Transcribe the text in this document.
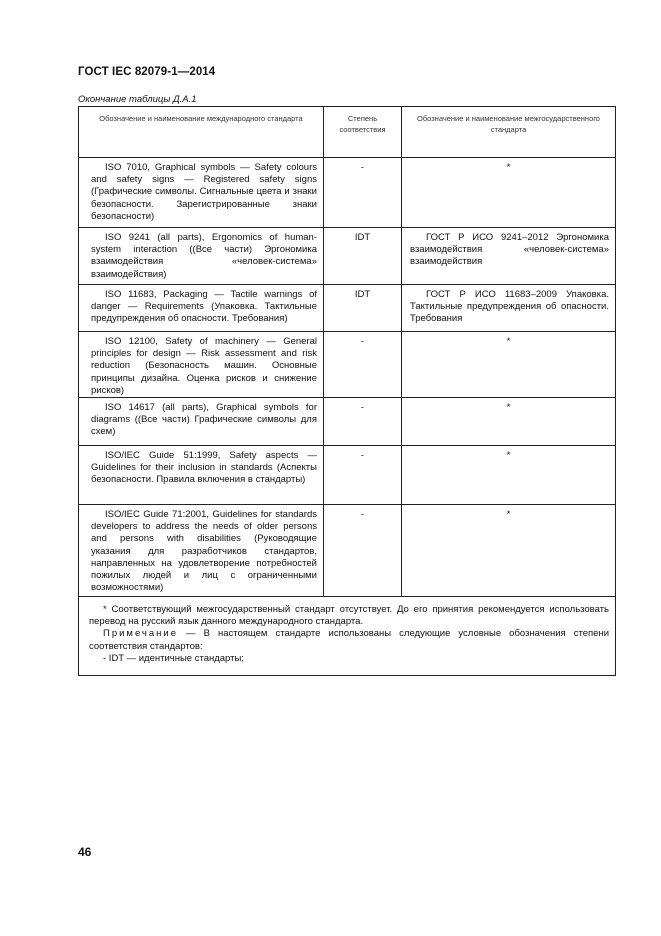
ГОСТ IEC 82079-1—2014
Окончание таблицы Д.А.1
Обозначение и наименование международного стандарта	Степень соответствия	Обозначение и наименование межгосударственного стандарта

ISO 7010, Graphical symbols — Safety colours and safety signs — Registered safety signs (Графические символы. Сигнальные цвета и знаки безопасности. Зарегистрированные знаки безопасности)	-	*

ISO 9241 (all parts), Ergonomics of human-system interaction ((Все части) Эргономика взаимодействия «человек-система» взаимодействия)	IDT	ГОСТ Р ИСО 9241–2012 Эргономика взаимодействия «человек-система» взаимодействия

ISO 11683, Packaging — Tactile warnings of danger — Requirements (Упаковка. Тактильные предупреждения об опасности. Требования)	IDT	ГОСТ Р ИСО 11683–2009 Упаковка. Тактильные предупреждения об опасности. Требования

ISO 12100, Safety of machinery — General principles for design — Risk assessment and risk reduction (Безопасность машин. Основные принципы дизайна. Оценка рисков и снижение рисков)	-	*

ISO 14617 (all parts), Graphical symbols for diagrams ((Все части) Графические символы для схем)	-	*

ISO/IEC Guide 51:1999, Safety aspects — Guidelines for their inclusion in standards (Аспекты безопасности. Правила включения в стандарты)	-	*

ISO/IEC Guide 71:2001, Guidelines for standards developers to address the needs of older persons and persons with disabilities (Руководящие указания для разработчиков стандартов, направленных на удовлетворение потребностей пожилых людей и лиц с ограниченными возможностями)	-	*

* Соответствующий межгосударственный стандарт отсутствует. До его принятия рекомендуется использовать перевод на русский язык данного международного стандарта.

Примечание — В настоящем стандарте использованы следующие условные обозначения степени соответствия стандартов:

- IDT — идентичные стандарты;		

46
